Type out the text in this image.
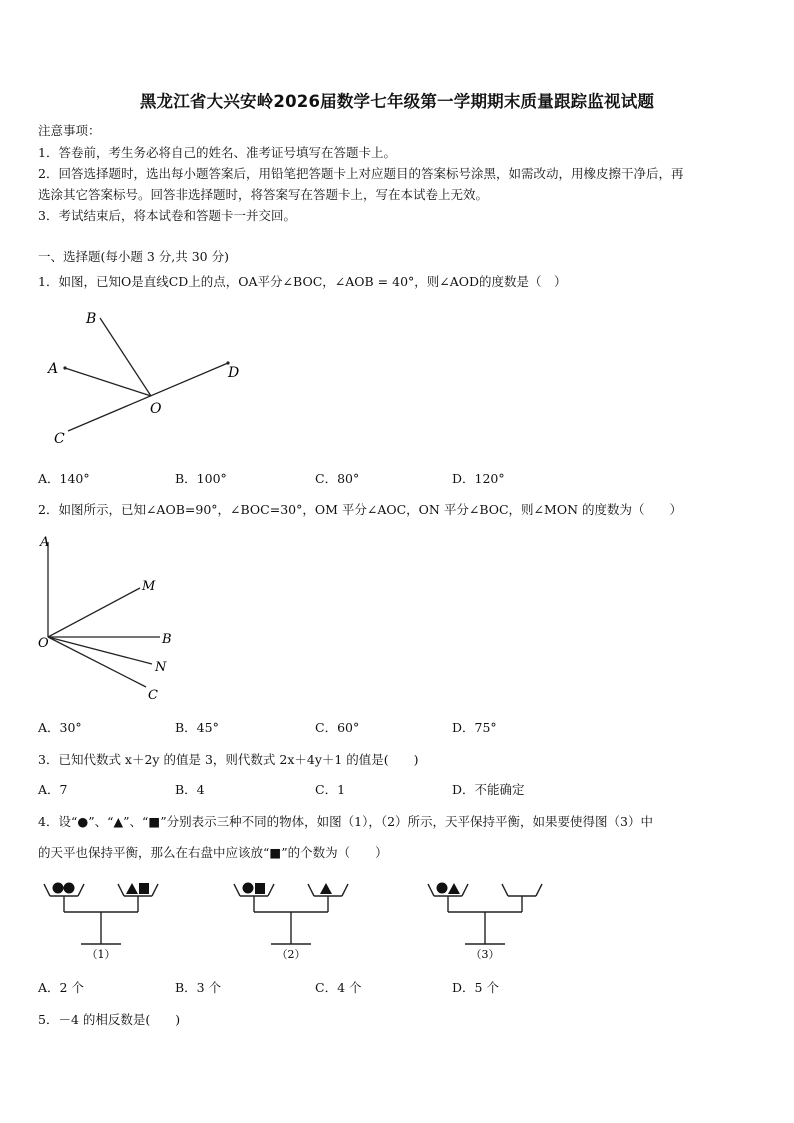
黑龙江省大兴安岭2026届数学七年级第一学期期末质量跟踪监视试题
注意事项：
1．答卷前，考生务必将自己的姓名、准考证号填写在答题卡上。
2．回答选择题时，选出每小题答案后，用铅笔把答题卡上对应题目的答案标号涂黑，如需改动，用橡皮擦干净后，再
选涂其它答案标号。回答非选择题时，将答案写在答题卡上，写在本试卷上无效。
3．考试结束后，将本试卷和答题卡一并交回。
一、选择题(每小题 3 分,共 30 分)
1．如图，已知O是直线CD上的点，OA平分∠BOC，∠AOB = 40°，则∠AOD的度数是（　）
B
A	D
O
C
A．140°	B．100°	C．80°	D．120°
2．如图所示，已知∠AOB=90°，∠BOC=30°，OM 平分∠AOC，ON 平分∠BOC，则∠MON 的度数为（　　）
A
M
O	B
N
C
A．30°	B．45°	C．60°	D．75°
3．已知代数式 x＋2y 的值是 3，则代数式 2x＋4y＋1 的值是(　　)
A．7	B．4	C．1	D．不能确定
4．设“●”、“▲”、“■”分别表示三种不同的物体，如图（1），（2）所示，天平保持平衡，如果要使得图（3）中
的天平也保持平衡，那么在右盘中应该放“■”的个数为（　　）
（1）	（2）	（3）
A．2 个	B．3 个	C．4 个	D．5 个
5．－4 的相反数是(　　)
